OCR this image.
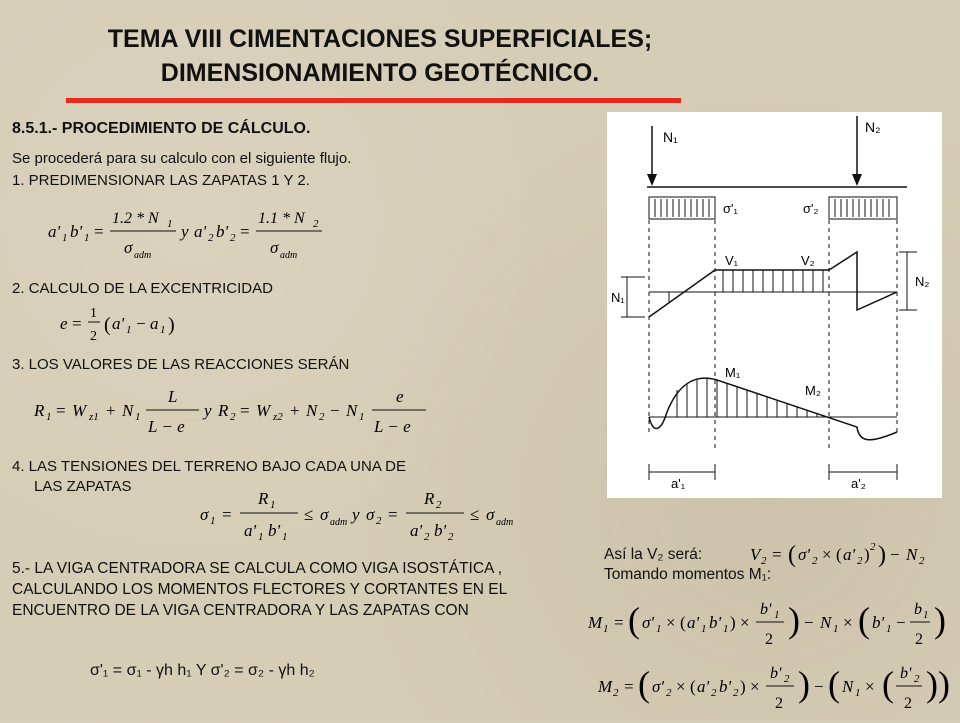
TEMA VIII CIMENTACIONES SUPERFICIALES;
DIMENSIONAMIENTO GEOTÉCNICO.
8.5.1.- PROCEDIMIENTO DE CÁLCULO.
Se procederá para su calculo con el siguiente flujo.
1. PREDIMENSIONAR LAS ZAPATAS 1 Y 2.
a' 1 b' 1 =
1.2 * N 1
σ adm
y a' 2 b' 2 =
1.1 * N 2
σ adm
2. CALCULO DE LA EXCENTRICIDAD
e =
1
2
( a' 1 − a 1 )
3. LOS VALORES DE LAS REACCIONES SERÁN
R 1 = W z1 + N 1
L
L − e
y R 2 = W z2 + N 2 − N 1
e
L − e
4. LAS TENSIONES DEL TERRENO BAJO CADA UNA DE
LAS ZAPATAS
σ 1 =
R 1
a' 1 b' 1
≤ σ adm y σ 2 =
R 2
a' 2 b' 2
≤ σ adm
5.- LA VIGA CENTRADORA SE CALCULA COMO VIGA ISOSTÁTICA , CALCULANDO LOS MOMENTOS FLECTORES Y CORTANTES EN EL ENCUENTRO DE LA VIGA CENTRADORA Y LAS ZAPATAS CON
σ'₁ = σ₁ - γh h₁ Y σ'₂ = σ₂ - γh h₂
N₁
N₂
σ'₁	σ'₂
V₁	V₂
N₁
N₂
M₁
M₂
a'₁	a'₂
Así la V₂ será:	V 2 = ( σ' 2 × ( a' 2 ) 2 ) − N 2
Tomando momentos M₁:
M 1 = ( σ' 1 × ( a' 1 b' 1 ) ×
b' 1
2 ) − N 1 × ( b' 1 −
b 1
2 )
M 2 = ( σ' 2 × ( a' 2 b' 2 ) ×
b' 2
2 ) − ( N 1 × ( b' 2
2 ) )
